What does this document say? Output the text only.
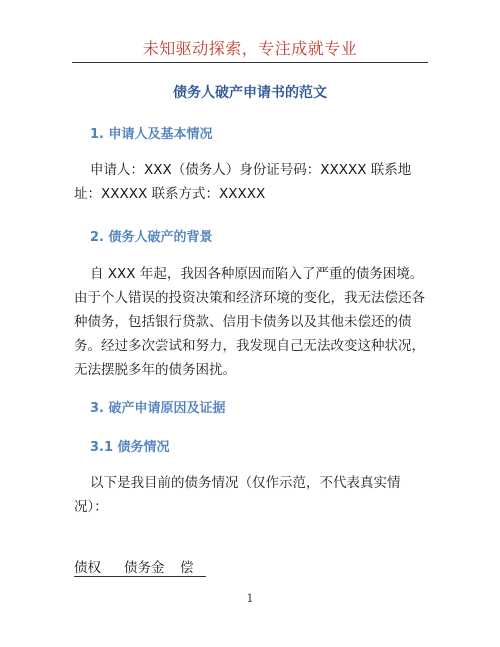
未知驱动探索，专注成就专业
债务人破产申请书的范文
1. 申请人及基本情况
申请人：XXX（债务人）身份证号码：XXXXX 联系地址：XXXXX 联系方式：XXXXX
2. 债务人破产的背景
自 XXX 年起，我因各种原因而陷入了严重的债务困境。由于个人错误的投资决策和经济环境的变化，我无法偿还各种债务，包括银行贷款、信用卡债务以及其他未偿还的债务。经过多次尝试和努力，我发现自己无法改变这种状况，无法摆脱多年的债务困扰。
3. 破产申请原因及证据
3.1 债务情况
以下是我目前的债务情况（仅作示范，不代表真实情况）：
债权 债务金 偿
1
